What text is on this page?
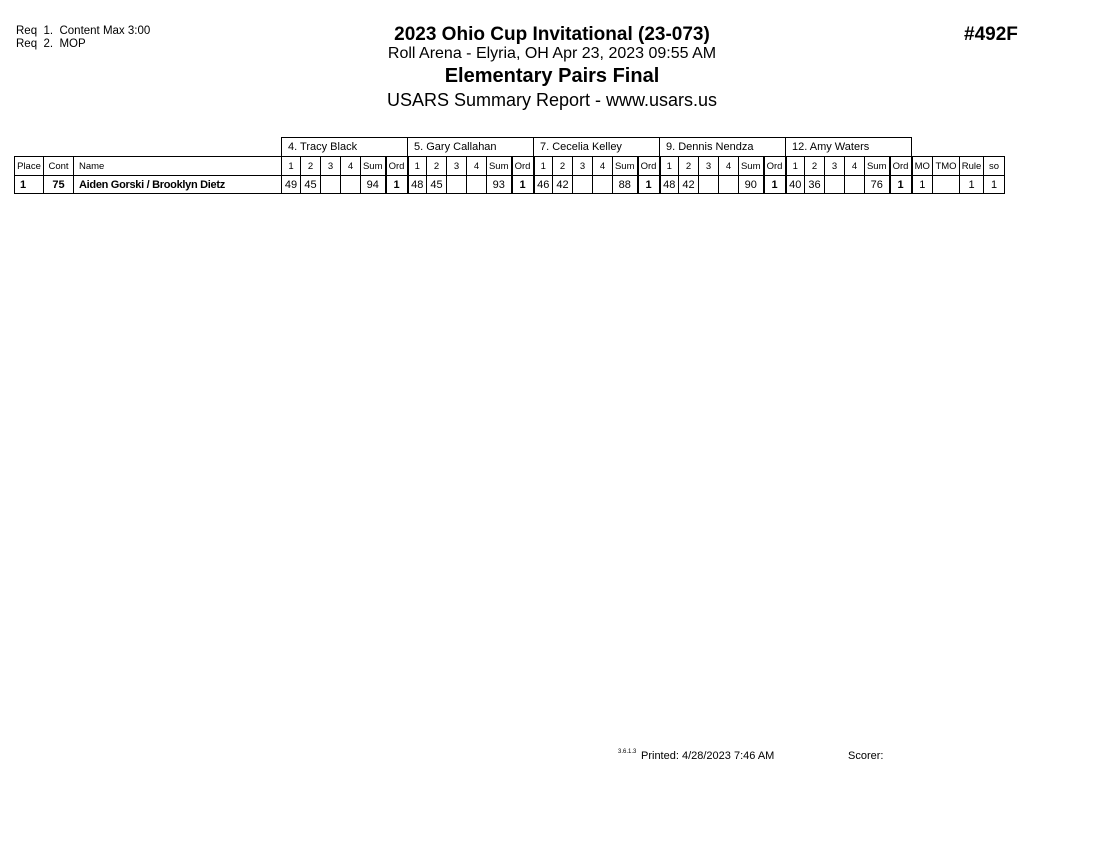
Req  1.  Content Max 3:00
Req  2.  MOP	2023 Ohio Cup Invitational (23-073)
Roll Arena - Elyria, OH Apr 23, 2023 09:55 AM
Elementary Pairs Final
USARS Summary Report - www.usars.us
#492F
			4. Tracy Black						5. Gary Callahan						7. Cecelia Kelley						9. Dennis Nendza						12. Amy Waters									
Place	Cont	Name	1	2	3	4	Sum	Ord	1	2	3	4	Sum	Ord	1	2	3	4	Sum	Ord	1	2	3	4	Sum	Ord	1	2	3	4	Sum	Ord	MO	TMO	Rule	so
1	75	Aiden Gorski / Brooklyn Dietz	49	45			94	1	48	45			93	1	46	42			88	1	48	42			90	1	40	36			76	1	1		1	1
3.6.1.3 Printed: 4/28/2023 7:46 AM	Scorer:
